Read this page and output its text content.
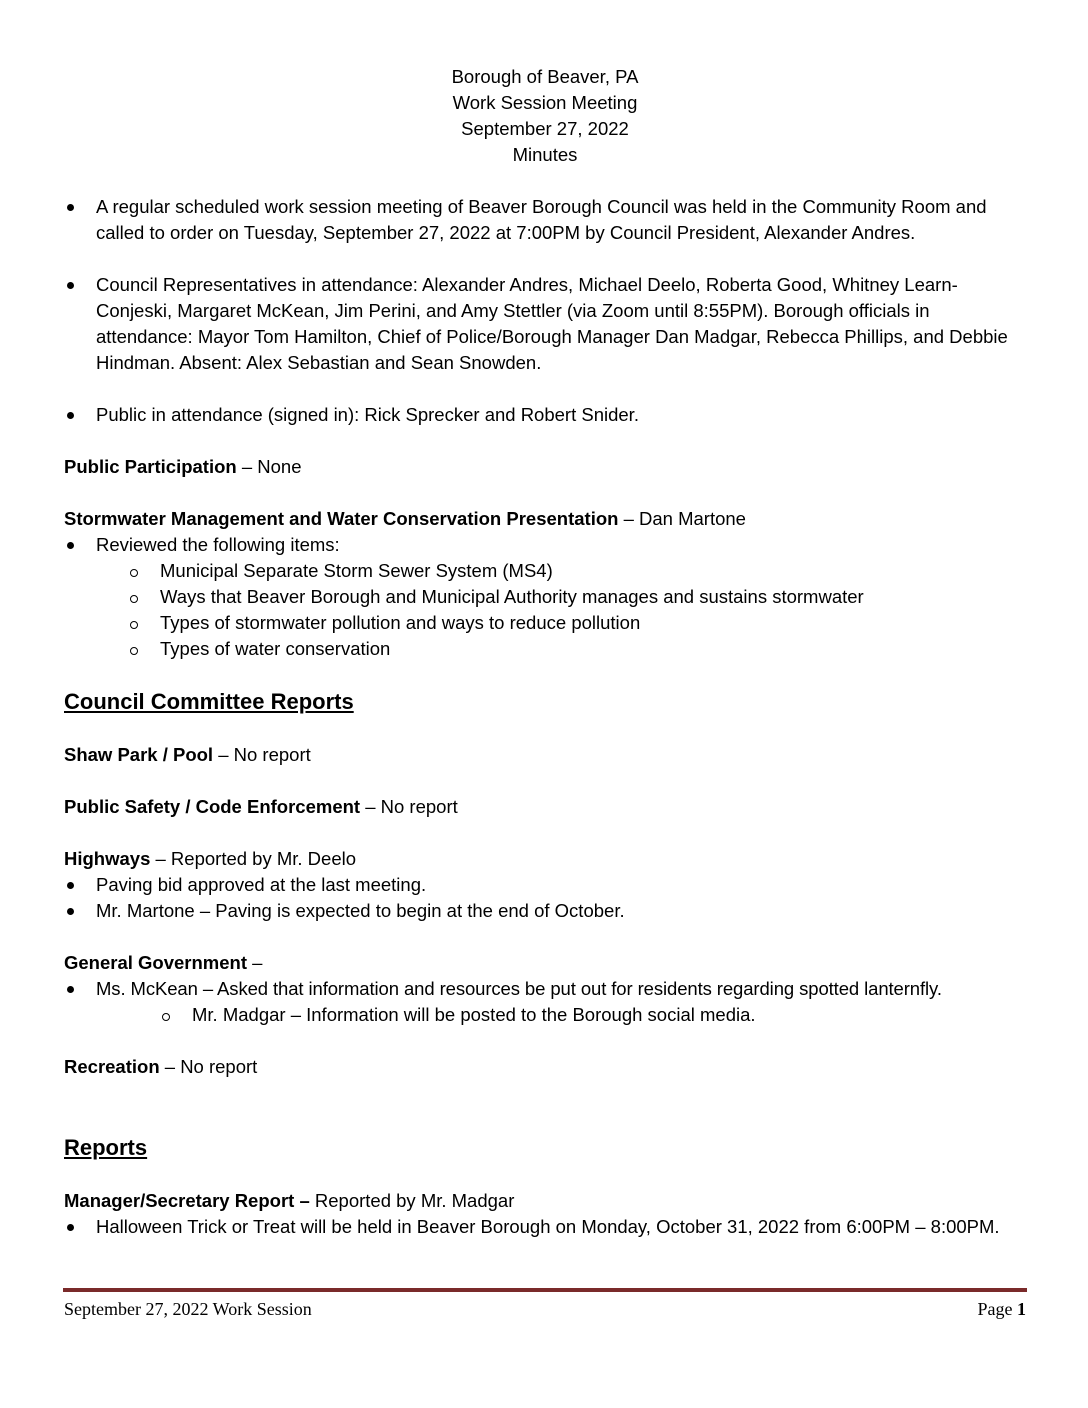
Borough of Beaver, PA
Work Session Meeting
September 27, 2022
Minutes
A regular scheduled work session meeting of Beaver Borough Council was held in the Community Room and called to order on Tuesday, September 27, 2022 at 7:00PM by Council President, Alexander Andres.
Council Representatives in attendance: Alexander Andres, Michael Deelo, Roberta Good, Whitney Learn-Conjeski, Margaret McKean, Jim Perini, and Amy Stettler (via Zoom until 8:55PM). Borough officials in attendance: Mayor Tom Hamilton, Chief of Police/Borough Manager Dan Madgar, Rebecca Phillips, and Debbie Hindman. Absent: Alex Sebastian and Sean Snowden.
Public in attendance (signed in): Rick Sprecker and Robert Snider.
Public Participation – None
Stormwater Management and Water Conservation Presentation – Dan Martone
Reviewed the following items:
Municipal Separate Storm Sewer System (MS4)
Ways that Beaver Borough and Municipal Authority manages and sustains stormwater
Types of stormwater pollution and ways to reduce pollution
Types of water conservation
Council Committee Reports
Shaw Park / Pool – No report
Public Safety / Code Enforcement – No report
Highways – Reported by Mr. Deelo
Paving bid approved at the last meeting.
Mr. Martone – Paving is expected to begin at the end of October.
General Government –
Ms. McKean – Asked that information and resources be put out for residents regarding spotted lanternfly.
Mr. Madgar – Information will be posted to the Borough social media.
Recreation – No report
Reports
Manager/Secretary Report – Reported by Mr. Madgar
Halloween Trick or Treat will be held in Beaver Borough on Monday, October 31, 2022 from 6:00PM – 8:00PM.
September 27, 2022 Work Session	Page 1
